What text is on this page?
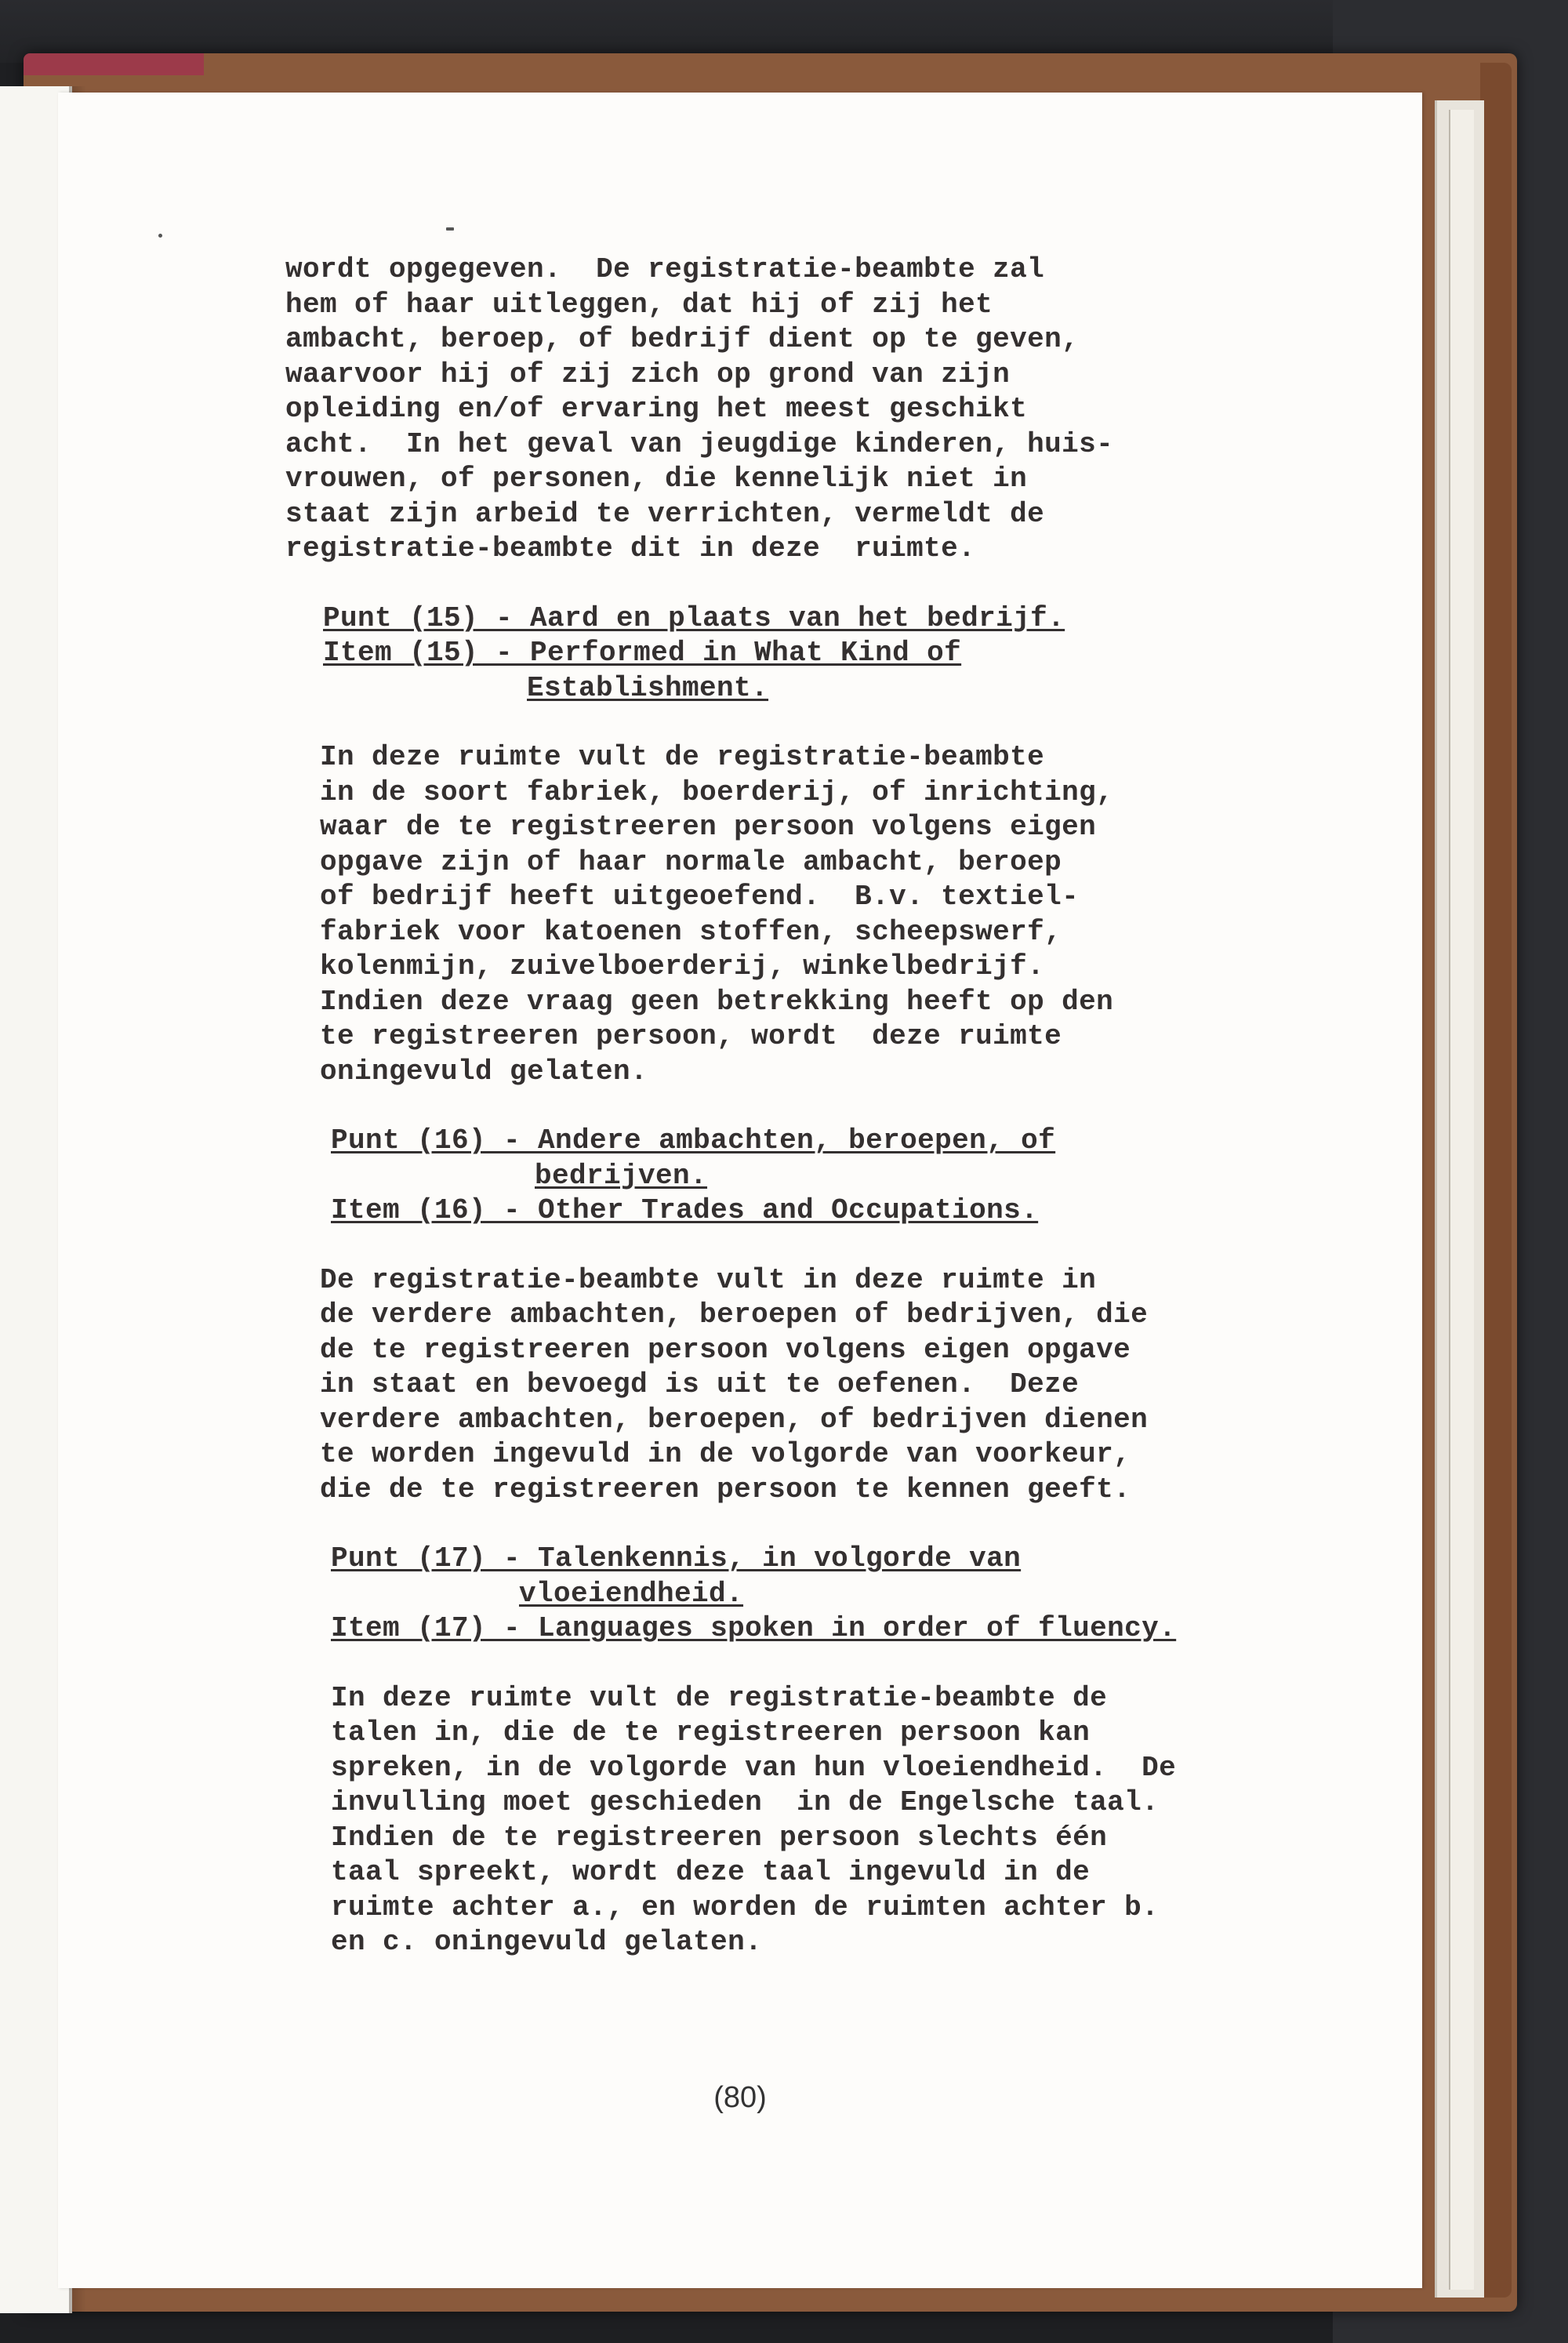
wordt opgegeven.  De registratie-beambte zal
hem of haar uitleggen, dat hij of zij het
ambacht, beroep, of bedrijf dient op te geven,
waarvoor hij of zij zich op grond van zijn
opleiding en/of ervaring het meest geschikt
acht.  In het geval van jeugdige kinderen, huis-
vrouwen, of personen, die kennelijk niet in
staat zijn arbeid te verrichten, vermeldt de
registratie-beambte dit in deze  ruimte.

Punt (15) - Aard en plaats van het bedrijf.

Item (15) - Performed in What Kind of

Establishment.

In deze ruimte vult de registratie-beambte
in de soort fabriek, boerderij, of inrichting,
waar de te registreeren persoon volgens eigen
opgave zijn of haar normale ambacht, beroep
of bedrijf heeft uitgeoefend.  B.v. textiel-
fabriek voor katoenen stoffen, scheepswerf,
kolenmijn, zuivelboerderij, winkelbedrijf.
Indien deze vraag geen betrekking heeft op den
te registreeren persoon, wordt  deze ruimte
oningevuld gelaten.

Punt (16) - Andere ambachten, beroepen, of

bedrijven.

Item (16) - Other Trades and Occupations.

De registratie-beambte vult in deze ruimte in
de verdere ambachten, beroepen of bedrijven, die
de te registreeren persoon volgens eigen opgave
in staat en bevoegd is uit te oefenen.  Deze
verdere ambachten, beroepen, of bedrijven dienen
te worden ingevuld in de volgorde van voorkeur,
die de te registreeren persoon te kennen geeft.

Punt (17) - Talenkennis, in volgorde van

vloeiendheid.

Item (17) - Languages spoken in order of fluency.

In deze ruimte vult de registratie-beambte de
talen in, die de te registreeren persoon kan
spreken, in de volgorde van hun vloeiendheid.  De
invulling moet geschieden  in de Engelsche taal.
Indien de te registreeren persoon slechts één
taal spreekt, wordt deze taal ingevuld in de
ruimte achter a., en worden de ruimten achter b.
en c. oningevuld gelaten.

(80)
